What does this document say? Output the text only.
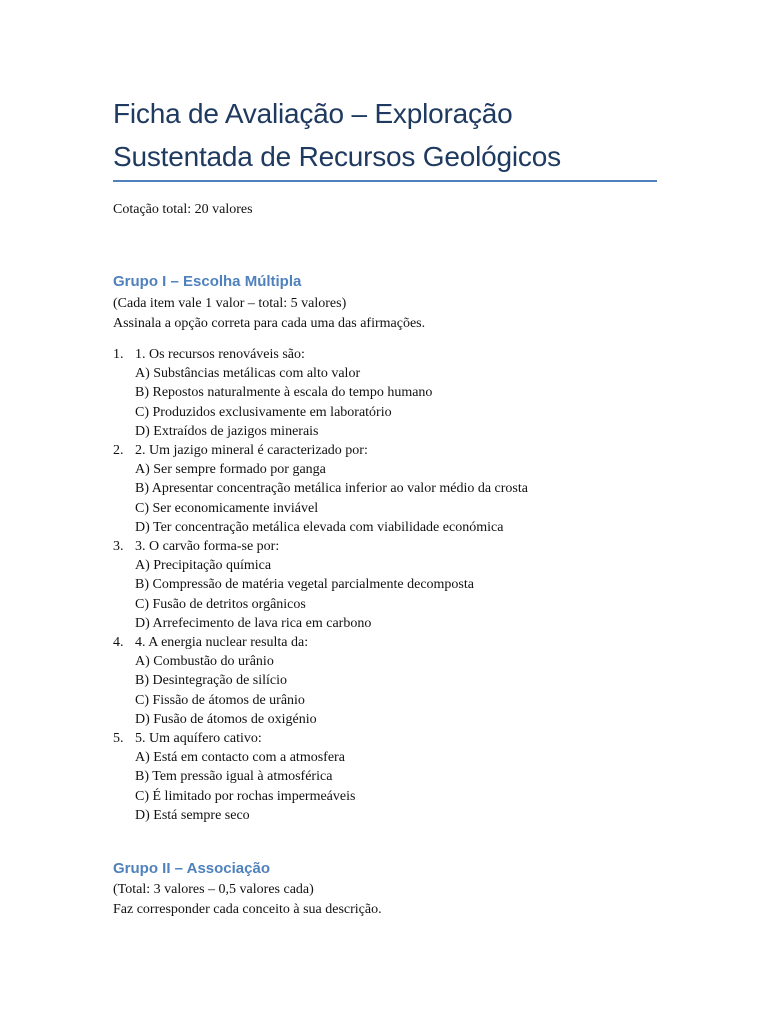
Ficha de Avaliação – Exploração
Sustentada de Recursos Geológicos
Cotação total: 20 valores
Grupo I – Escolha Múltipla
(Cada item vale 1 valor – total: 5 valores)
Assinala a opção correta para cada uma das afirmações.
1. 1. Os recursos renováveis são:
A) Substâncias metálicas com alto valor
B) Repostos naturalmente à escala do tempo humano
C) Produzidos exclusivamente em laboratório
D) Extraídos de jazigos minerais
2. 2. Um jazigo mineral é caracterizado por:
A) Ser sempre formado por ganga
B) Apresentar concentração metálica inferior ao valor médio da crosta
C) Ser economicamente inviável
D) Ter concentração metálica elevada com viabilidade económica
3. 3. O carvão forma-se por:
A) Precipitação química
B) Compressão de matéria vegetal parcialmente decomposta
C) Fusão de detritos orgânicos
D) Arrefecimento de lava rica em carbono
4. 4. A energia nuclear resulta da:
A) Combustão do urânio
B) Desintegração de silício
C) Fissão de átomos de urânio
D) Fusão de átomos de oxigénio
5. 5. Um aquífero cativo:
A) Está em contacto com a atmosfera
B) Tem pressão igual à atmosférica
C) É limitado por rochas impermeáveis
D) Está sempre seco
Grupo II – Associação
(Total: 3 valores – 0,5 valores cada)
Faz corresponder cada conceito à sua descrição.
